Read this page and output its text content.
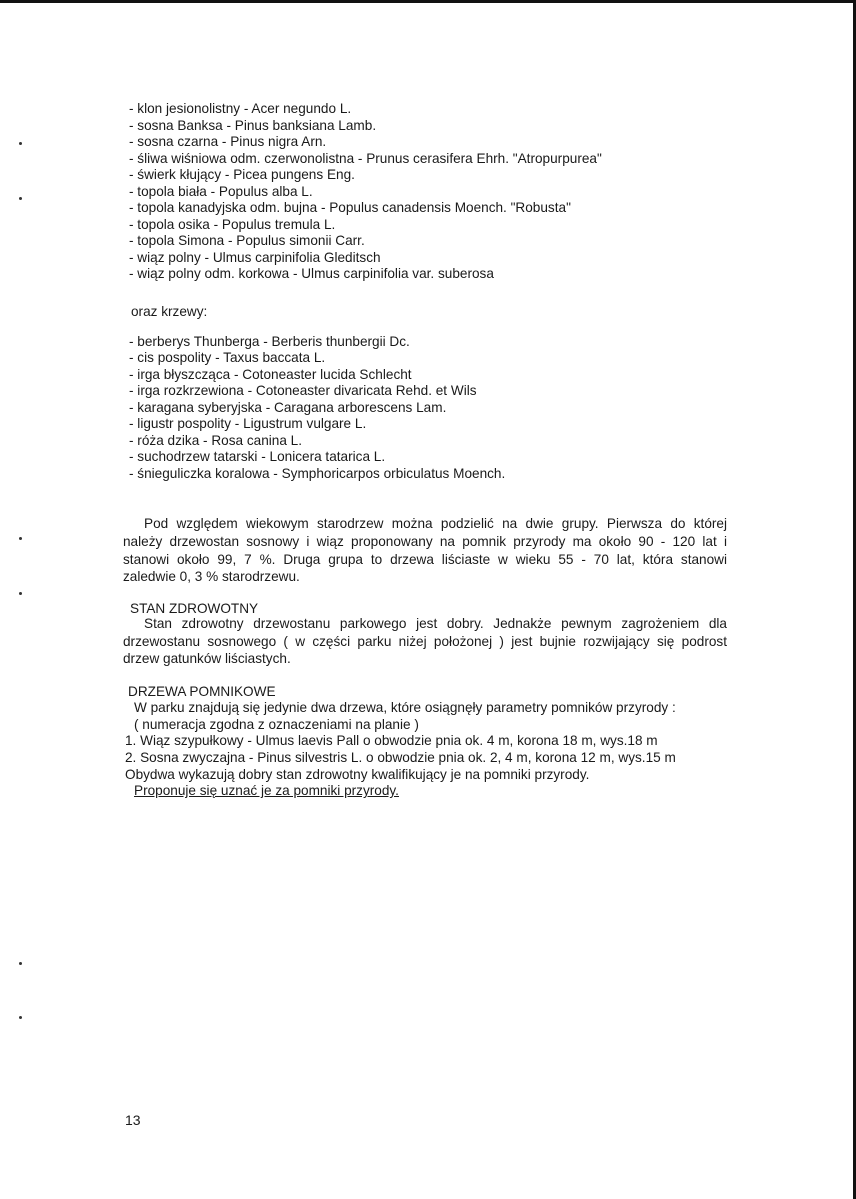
- klon jesionolistny - Acer negundo L.
- sosna Banksa - Pinus banksiana Lamb.
- sosna czarna - Pinus nigra Arn.
- śliwa wiśniowa odm. czerwonolistna - Prunus cerasifera Ehrh. "Atropurpurea"
- świerk kłujący - Picea pungens Eng.
- topola biała - Populus alba L.
- topola kanadyjska odm. bujna - Populus canadensis Moench. "Robusta"
- topola osika - Populus tremula L.
- topola Simona - Populus simonii Carr.
- wiąz polny - Ulmus carpinifolia Gleditsch
- wiąz polny odm. korkowa - Ulmus carpinifolia var. suberosa
oraz krzewy:
- berberys Thunberga - Berberis thunbergii Dc.
- cis pospolity - Taxus baccata L.
- irga błyszcząca - Cotoneaster lucida Schlecht
- irga rozkrzewiona - Cotoneaster divaricata Rehd. et Wils
- karagana syberyjska - Caragana arborescens Lam.
- ligustr pospolity - Ligustrum vulgare L.
- róża dzika - Rosa canina L.
- suchodrzew tatarski - Lonicera tatarica L.
- śnieguliczka koralowa - Symphoricarpos orbiculatus Moench.
Pod względem wiekowym starodrzew można podzielić na dwie grupy. Pierwsza do której
należy drzewostan sosnowy i wiąz proponowany na pomnik przyrody ma około 90 - 120 lat i
stanowi około 99, 7 %. Druga grupa to drzewa liściaste w wieku 55 - 70 lat, która stanowi
zaledwie 0, 3 % starodrzewu.
STAN ZDROWOTNY
Stan zdrowotny drzewostanu parkowego jest dobry. Jednakże pewnym zagrożeniem dla
drzewostanu sosnowego ( w części parku niżej położonej ) jest bujnie rozwijający się podrost
drzew gatunków liściastych.
DRZEWA POMNIKOWE
W parku znajdują się jedynie dwa drzewa, które osiągnęły parametry pomników przyrody :
( numeracja zgodna z oznaczeniami na planie )
1. Wiąz szypułkowy - Ulmus laevis Pall o obwodzie pnia ok. 4 m, korona 18 m, wys.18 m
2. Sosna zwyczajna - Pinus silvestris L. o obwodzie pnia ok. 2, 4 m, korona 12 m, wys.15 m
Obydwa wykazują dobry stan zdrowotny kwalifikujący je na pomniki przyrody.
Proponuje się uznać je za pomniki przyrody.
13
